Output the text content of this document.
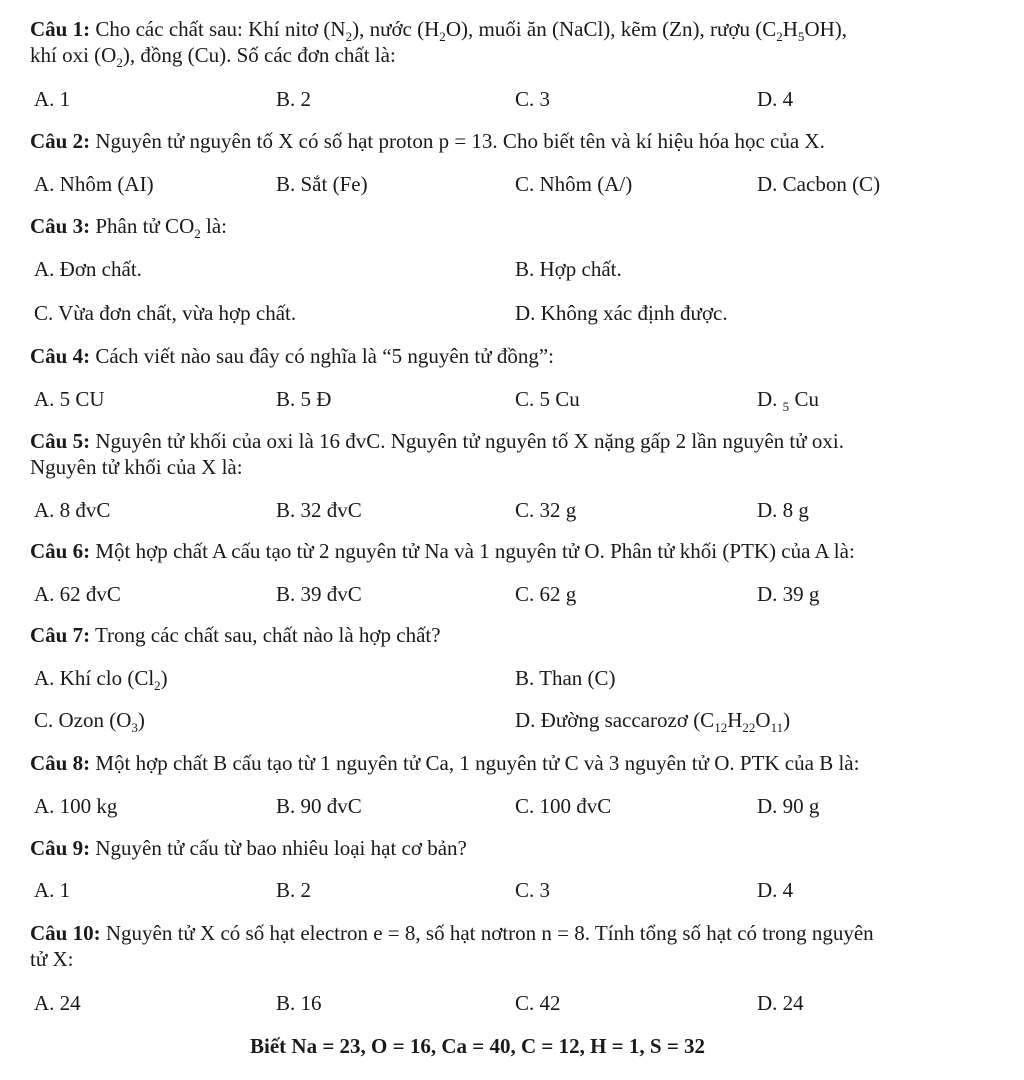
Câu 1: Cho các chất sau: Khí nitơ $(N_2)$, nước $(H_2O)$, muối ăn (NaCl), kẽm (Zn), rượu $(C_2H_5OH)$,
khí oxi $(O_2)$, đồng (Cu). Số các đơn chất là:
A. 1	B. 2	C. 3	D. 4
Câu 2: Nguyên tử nguyên tố X có số hạt proton p = 13. Cho biết tên và kí hiệu hóa học của X.
A. Nhôm (AI)	B. Sắt (Fe)	C. Nhôm (A/)	D. Cacbon (C)
Câu 3: Phân tử $CO_2$ là:
A. Đơn chất.	B. Hợp chất.
C. Vừa đơn chất, vừa hợp chất.	D. Không xác định được.
Câu 4: Cách viết nào sau đây có nghĩa là “5 nguyên tử đồng”:
A. 5 CU	B. 5 Đ	C. 5 Cu	D. $_5$ Cu
Câu 5: Nguyên tử khối của oxi là 16 đvC. Nguyên tử nguyên tố X nặng gấp 2 lần nguyên tử oxi.
Nguyên tử khối của X là:
A. 8 đvC	B. 32 đvC	C. 32 g	D. 8 g
Câu 6: Một hợp chất A cấu tạo từ 2 nguyên tử Na và 1 nguyên tử O. Phân tử khối (PTK) của A là:
A. 62 đvC	B. 39 đvC	C. 62 g	D. 39 g
Câu 7: Trong các chất sau, chất nào là hợp chất?
A. Khí clo $(Cl_2)$	B. Than (C)
C. Ozon $(O_3)$	D. Đường saccarozơ $(C_{12}H_{22}O_{11})$
Câu 8: Một hợp chất B cấu tạo từ 1 nguyên tử Ca, 1 nguyên tử C và 3 nguyên tử O. PTK của B là:
A. 100 kg	B. 90 đvC	C. 100 đvC	D. 90 g
Câu 9: Nguyên tử cấu từ bao nhiêu loại hạt cơ bản?
A. 1	B. 2	C. 3	D. 4
Câu 10: Nguyên tử X có số hạt electron e = 8, số hạt nơtron n = 8. Tính tổng số hạt có trong nguyên
tử X:
A. 24	B. 16	C. 42	D. 24
Biết Na = 23, O = 16, Ca = 40, C = 12, H = 1, S = 32
